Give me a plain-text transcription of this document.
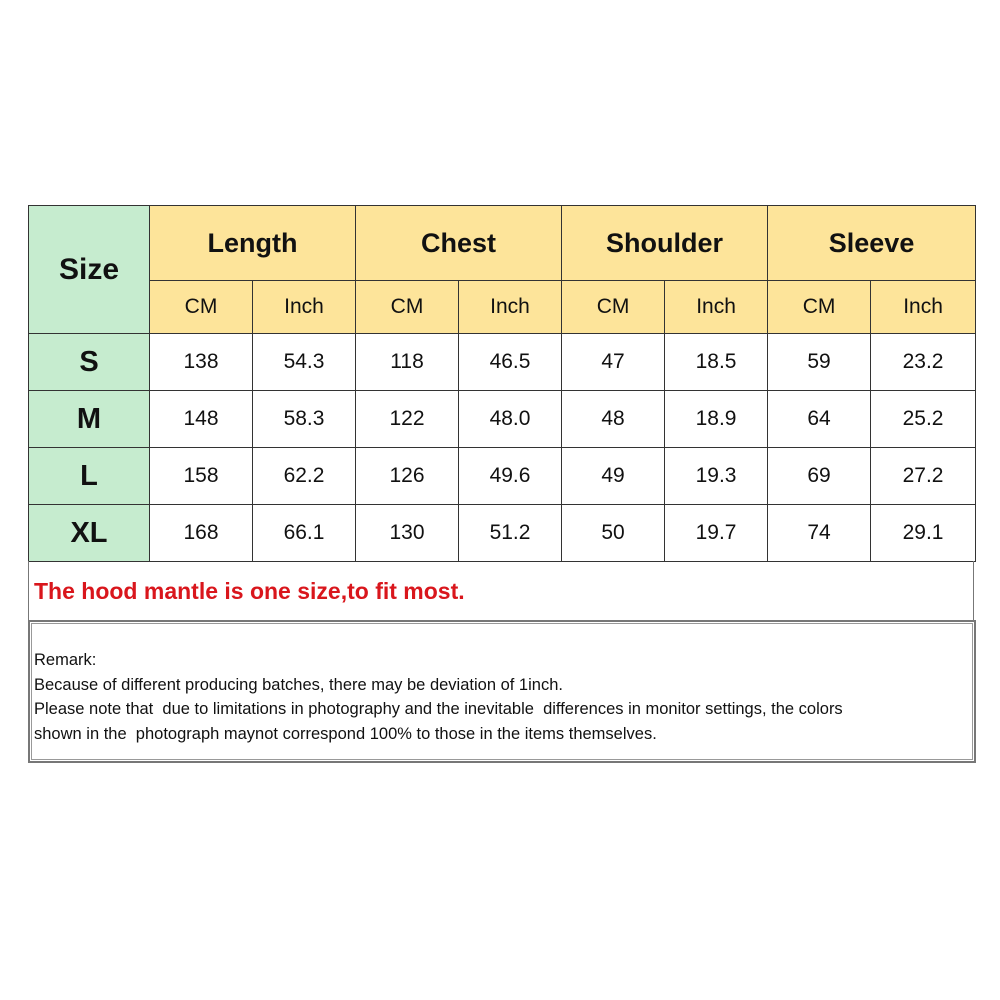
Size	Length		Chest		Shoulder		Sleeve	
	CM	Inch	CM	Inch	CM	Inch	CM	Inch
S	138	54.3	118	46.5	47	18.5	59	23.2
M	148	58.3	122	48.0	48	18.9	64	25.2
L	158	62.2	126	49.6	49	19.3	69	27.2
XL	168	66.1	130	51.2	50	19.7	74	29.1
The hood mantle is one size,to fit most.
Remark:
Because of different producing batches, there may be deviation of 1inch.
Please note that  due to limitations in photography and the inevitable  differences in monitor settings, the colors
shown in the  photograph maynot correspond 100% to those in the items themselves.
